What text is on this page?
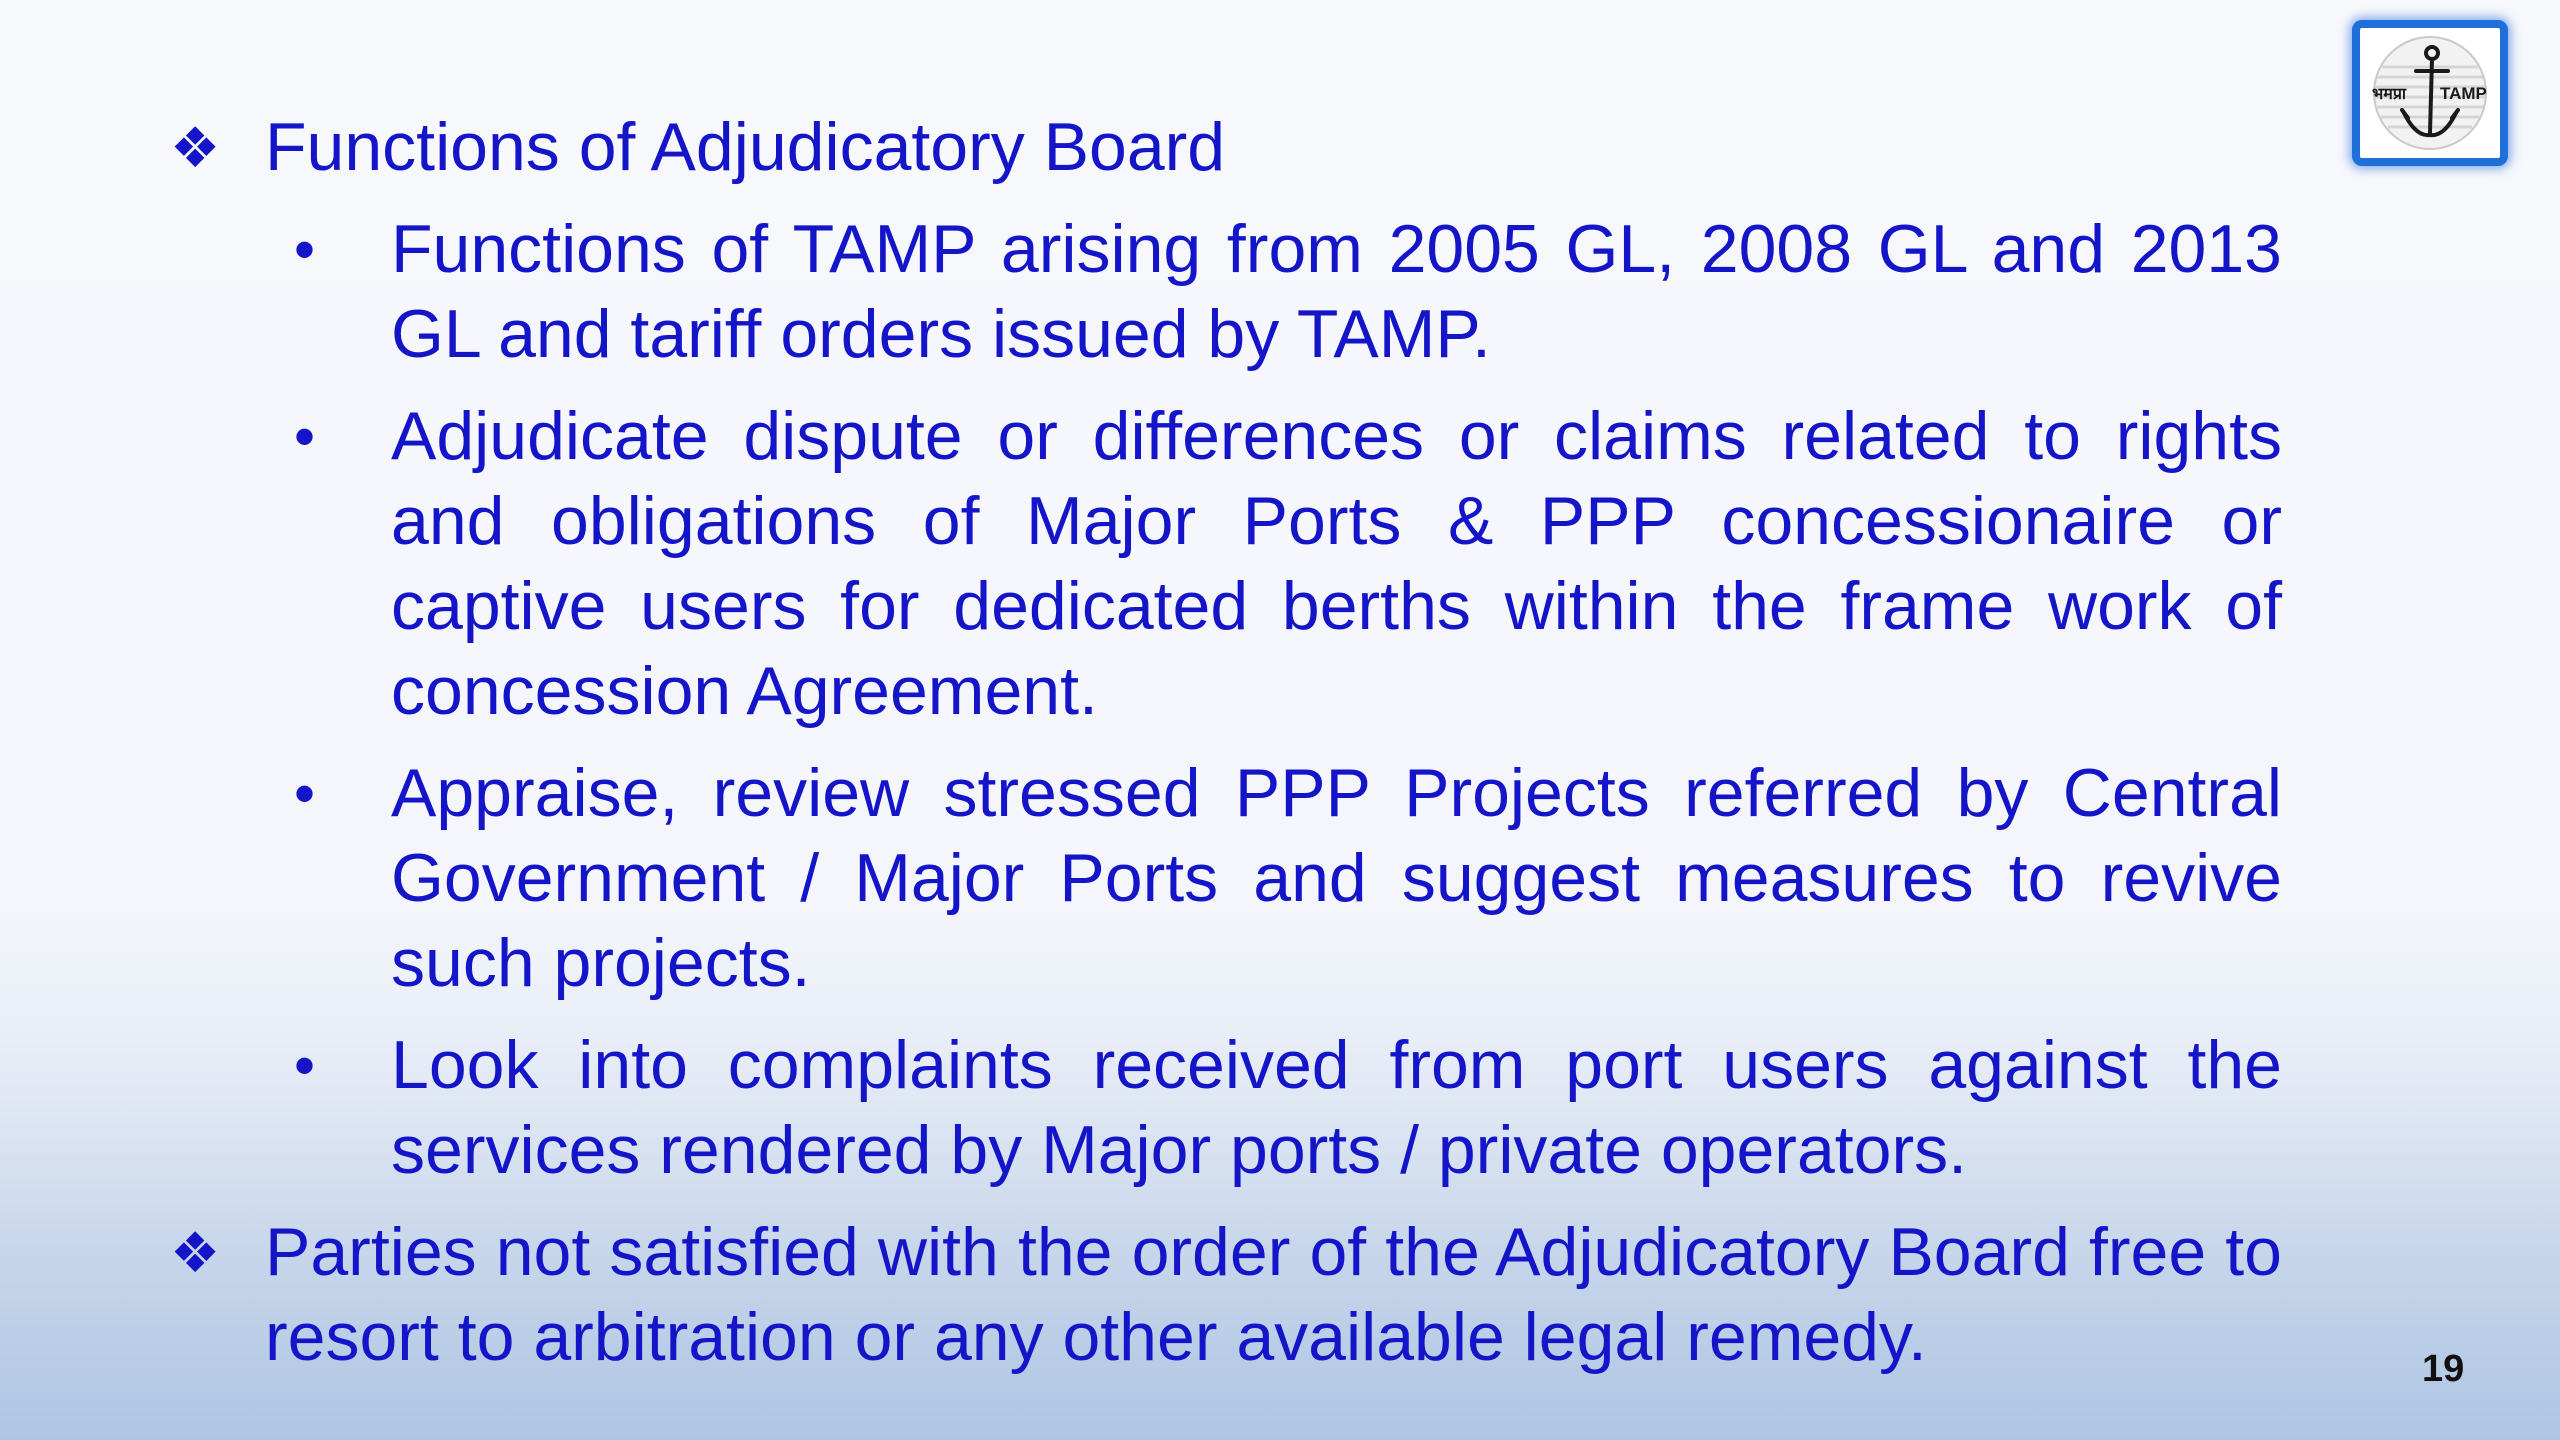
भमप्रा TAMP

❖ Functions of Adjudicatory Board

• Functions of TAMP arising from 2005 GL, 2008 GL and 2013 GL and tariff orders issued by TAMP.

• Adjudicate dispute or differences or claims related to rights and obligations of Major Ports & PPP concessionaire or captive users for dedicated berths within the frame work of concession Agreement.

• Appraise, review stressed PPP Projects referred by Central Government / Major Ports and suggest measures to revive such projects.

• Look into complaints received from port users against the services rendered by Major ports / private operators.

❖ Parties not satisfied with the order of the Adjudicatory Board free to resort to arbitration or any other available legal remedy.	19
